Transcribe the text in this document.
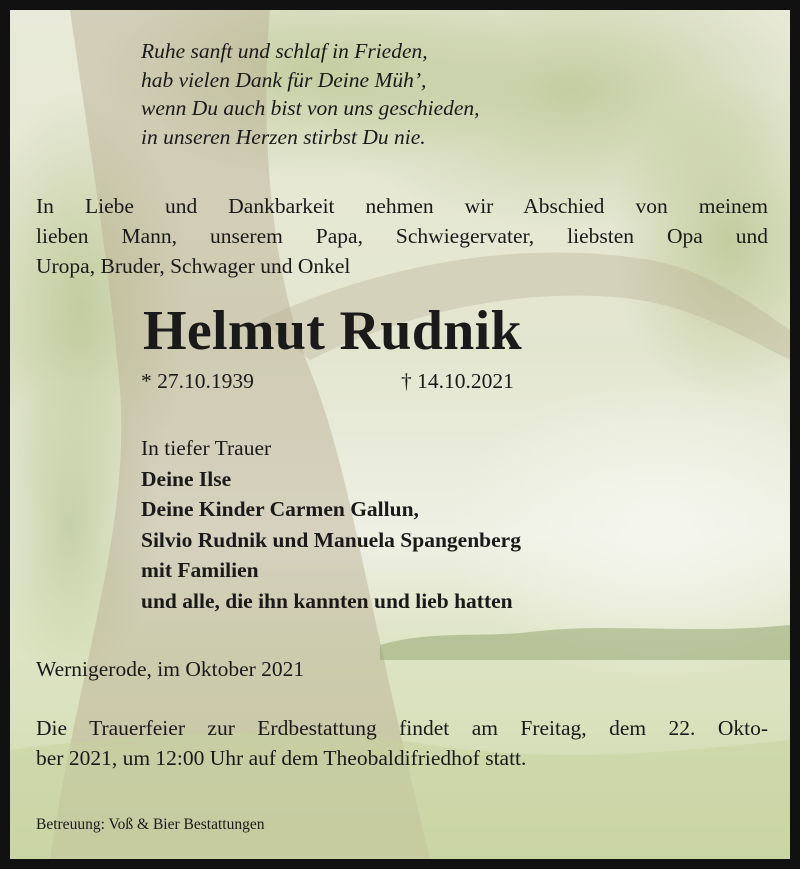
Ruhe sanft und schlaf in Frieden,
hab vielen Dank für Deine Müh’,
wenn Du auch bist von uns geschieden,
in unseren Herzen stirbst Du nie.
In Liebe und Dankbarkeit nehmen wir Abschied von meinem
lieben Mann, unserem Papa, Schwiegervater, liebsten Opa und
Uropa, Bruder, Schwager und Onkel
Helmut Rudnik
* 27.10.1939	† 14.10.2021
In tiefer Trauer
Deine Ilse
Deine Kinder Carmen Gallun,
Silvio Rudnik und Manuela Spangenberg
mit Familien
und alle, die ihn kannten und lieb hatten
Wernigerode, im Oktober 2021
Die Trauerfeier zur Erdbestattung findet am Freitag, dem 22. Okto-
ber 2021, um 12:00 Uhr auf dem Theobaldifriedhof statt.
Betreuung: Voß & Bier Bestattungen
